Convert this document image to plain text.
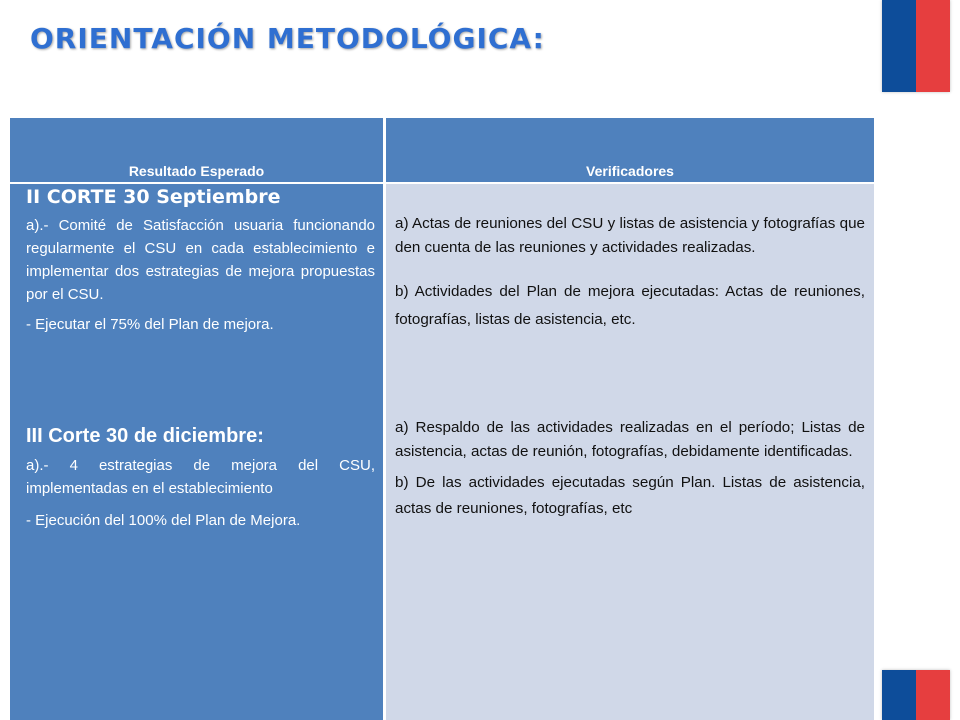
ORIENTACIÓN METODOLÓGICA:
Resultado Esperado	Verificadores

II CORTE 30 Septiembre

a).- Comité de Satisfacción usuaria funcionando regularmente el CSU en cada establecimiento e implementar dos estrategias de mejora propuestas por el CSU.

- Ejecutar el 75% del Plan de mejora.

III Corte 30 de diciembre:

a).- 4 estrategias de mejora del CSU, implementadas en el establecimiento

- Ejecución del 100% del Plan de Mejora.

a) Actas de reuniones del CSU y listas de asistencia y fotografías que den cuenta de las reuniones y actividades realizadas.

b) Actividades del Plan de mejora ejecutadas: Actas de reuniones, fotografías, listas de asistencia, etc.

a) Respaldo de las actividades realizadas en el período; Listas de asistencia, actas de reunión, fotografías, debidamente identificadas.

b) De las actividades ejecutadas según Plan. Listas de asistencia, actas de reuniones, fotografías, etc
